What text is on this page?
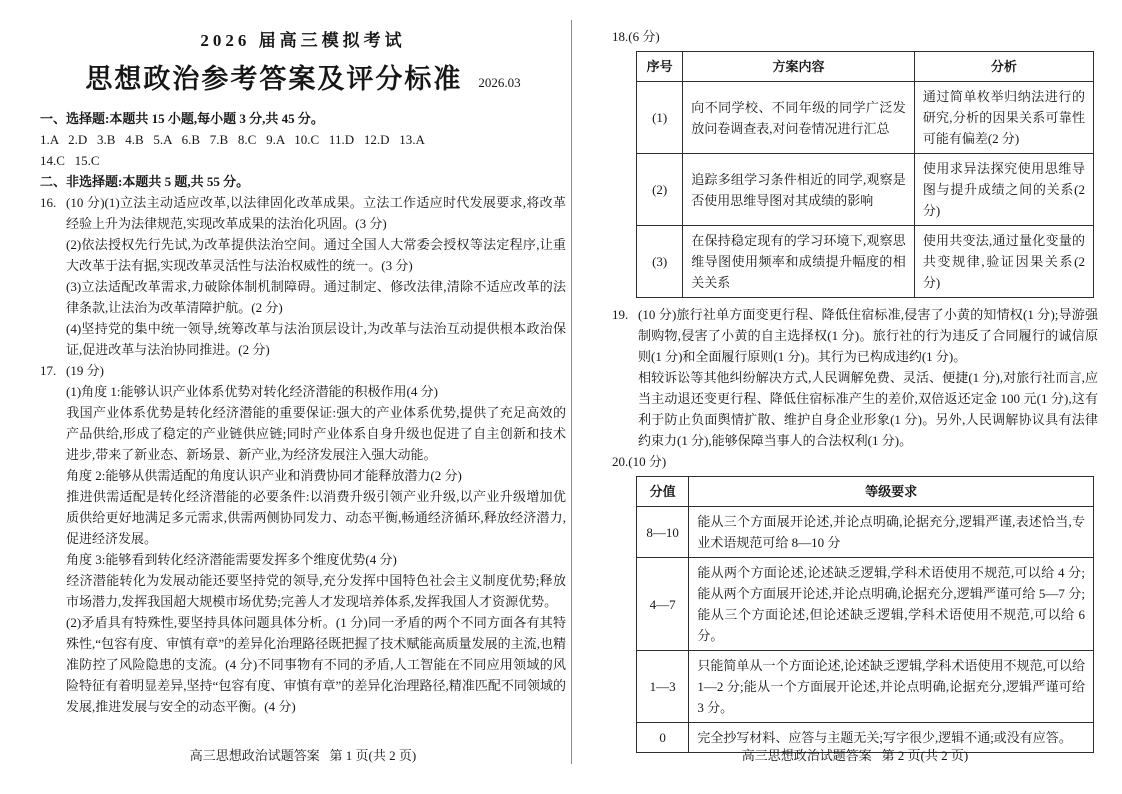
2026 届高三模拟考试
思想政治参考答案及评分标准 2026.03

一、选择题:本题共 15 小题,每小题 3 分,共 45 分。

1.A   2.D   3.B   4.B   5.A   6.B   7.B   8.C   9.A   10.C   11.D   12.D   13.A

14.C   15.C

二、非选择题:本题共 5 题,共 55 分。

16. (10 分)(1)立法主动适应改革,以法律固化改革成果。立法工作适应时代发展要求,将改革经验上升为法律规范,实现改革成果的法治化巩固。(3 分)

(2)依法授权先行先试,为改革提供法治空间。通过全国人大常委会授权等法定程序,让重大改革于法有据,实现改革灵活性与法治权威性的统一。(3 分)

(3)立法适配改革需求,力破除体制机制障碍。通过制定、修改法律,清除不适应改革的法律条款,让法治为改革清障护航。(2 分)

(4)坚持党的集中统一领导,统筹改革与法治顶层设计,为改革与法治互动提供根本政治保证,促进改革与法治协同推进。(2 分)

17. (19 分)

(1)角度 1:能够认识产业体系优势对转化经济潜能的积极作用(4 分)

我国产业体系优势是转化经济潜能的重要保证:强大的产业体系优势,提供了充足高效的产品供给,形成了稳定的产业链供应链;同时产业体系自身升级也促进了自主创新和技术进步,带来了新业态、新场景、新产业,为经济发展注入强大动能。

角度 2:能够从供需适配的角度认识产业和消费协同才能释放潜力(2 分)

推进供需适配是转化经济潜能的必要条件:以消费升级引领产业升级,以产业升级增加优质供给更好地满足多元需求,供需两侧协同发力、动态平衡,畅通经济循环,释放经济潜力,促进经济发展。

角度 3:能够看到转化经济潜能需要发挥多个维度优势(4 分)

经济潜能转化为发展动能还要坚持党的领导,充分发挥中国特色社会主义制度优势;释放市场潜力,发挥我国超大规模市场优势;完善人才发现培养体系,发挥我国人才资源优势。

(2)矛盾具有特殊性,要坚持具体问题具体分析。(1 分)同一矛盾的两个不同方面各有其特殊性,“包容有度、审慎有章”的差异化治理路径既把握了技术赋能高质量发展的主流,也精准防控了风险隐患的支流。(4 分)不同事物有不同的矛盾,人工智能在不同应用领域的风险特征有着明显差异,坚持“包容有度、审慎有章”的差异化治理路径,精准匹配不同领域的发展,推进发展与安全的动态平衡。(4 分)

18.(6 分)

序号	方案内容	分析
(1)	向不同学校、不同年级的同学广泛发放问卷调查表,对问卷情况进行汇总	通过简单枚举归纳法进行的研究,分析的因果关系可靠性可能有偏差(2 分)
(2)	追踪多组学习条件相近的同学,观察是否使用思维导图对其成绩的影响	使用求异法探究使用思维导图与提升成绩之间的关系(2 分)
(3)	在保持稳定现有的学习环境下,观察思维导图使用频率和成绩提升幅度的相关关系	使用共变法,通过量化变量的共变规律,验证因果关系(2 分)

19. (10 分)旅行社单方面变更行程、降低住宿标准,侵害了小黄的知情权(1 分);导游强制购物,侵害了小黄的自主选择权(1 分)。旅行社的行为违反了合同履行的诚信原则(1 分)和全面履行原则(1 分)。其行为已构成违约(1 分)。

相较诉讼等其他纠纷解决方式,人民调解免费、灵活、便捷(1 分),对旅行社而言,应当主动退还变更行程、降低住宿标准产生的差价,双倍返还定金 100 元(1 分),这有利于防止负面舆情扩散、维护自身企业形象(1 分)。另外,人民调解协议具有法律约束力(1 分),能够保障当事人的合法权利(1 分)。

20.(10 分)

分值	等级要求
8—10	能从三个方面展开论述,并论点明确,论据充分,逻辑严谨,表述恰当,专业术语规范可给 8—10 分
4—7	能从两个方面论述,论述缺乏逻辑,学科术语使用不规范,可以给 4 分;能从两个方面展开论述,并论点明确,论据充分,逻辑严谨可给 5—7 分;能从三个方面论述,但论述缺乏逻辑,学科术语使用不规范,可以给 6 分。
1—3	只能简单从一个方面论述,论述缺乏逻辑,学科术语使用不规范,可以给 1—2 分;能从一个方面展开论述,并论点明确,论据充分,逻辑严谨可给 3 分。
0	完全抄写材料、应答与主题无关;写字很少,逻辑不通;或没有应答。
高三思想政治试题答案   第 1 页(共 2 页)	高三思想政治试题答案   第 2 页(共 2 页)
